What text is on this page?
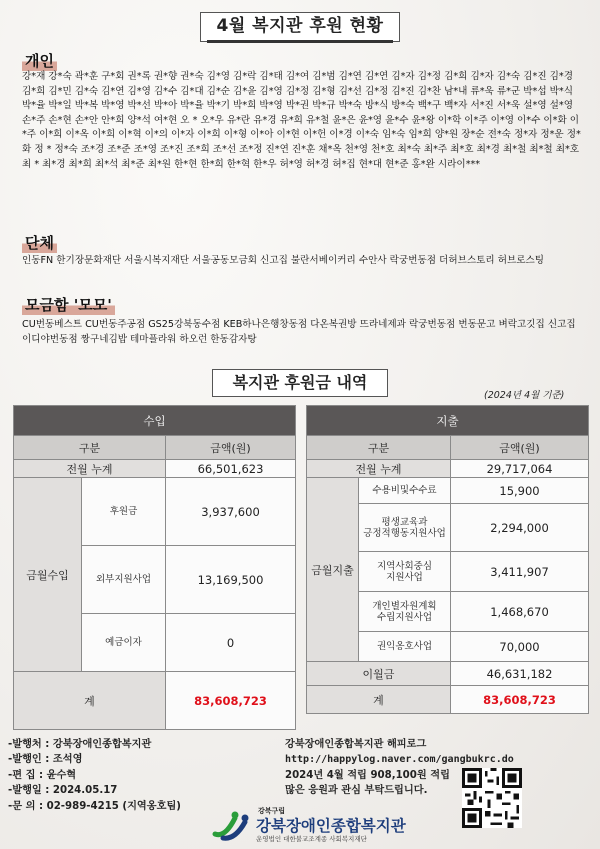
4월 복지관 후원 현황
개인
강*재 강*숙 곽*훈 구*회 권*록 권*향 권*숙 김*영 김*락 김*태 김*여 김*범 김*연 김*연 김*자 김*정 김*희 김*자 김*숙 김*진 김*경 김*희 김*민 김*숙 김*연 김*영 김*수 김*대 김*순 김*윤 김*영 김*정 김*형 김*선 김*정 김*진 김*찬 남*내 류*욱 류*군 박*섭 박*식 박*율 박*일 박*복 박*영 박*선 박*아 박*율 박*기 박*희 박*영 박*권 박*규 박*숙 방*식 방*숙 백*구 백*자 서*진 서*욱 설*영 설*영 손*주 손*현 손*안 안*희 양*석 여*현 오 * 오*우 유*란 유*경 유*희 유*철 윤*은 윤*영 윤*수 윤*왕 이*학 이*주 이*영 이*수 이*화 이*주 이*희 이*옥 이*희 이*혁 이*의 이*자 이*희 이*형 이*아 이*현 이*헌 이*경 이*숙 임*숙 임*희 양*원 장*순 전*숙 정*자 정*운 정*화 정 * 정*숙 조*경 조*준 조*영 조*진 조*희 조*선 조*정 진*연 진*훈 채*옥 천*영 천*호 최*숙 최*주 최*호 최*경 최*철 최*철 최*호 최 * 최*경 최*희 최*석 최*준 최*원 한*현 한*희 한*혁 한*우 허*영 허*경 허*집 현*대 현*준 홍*완 시라이***
단체
인동FN 한기장문화재단 서울시복지재단 서울공동모금회 신고집 불란서베이커리 수안사 락궁번동점 더허브스토리 허브로스팅
모금함 '모모'
CU번동베스트 CU번동주공점 GS25강북동수점 KEB하나은행창동점 다온복권방 뜨라네제과 락궁번동점 번동문고 벼락고깃집 신고집 이디야번동점 짱구네김밥 테마플라워 하오런 한동감자탕
복지관 후원금 내역
(2024년 4월 기준)
수입		
구분		금액(원)
전월 누계		66,501,623
금월수입	후원금	3,937,600
	외부지원사업	13,169,500
	예금이자	0
계		83,608,723
지출		
구분		금액(원)
전월 누계		29,717,064
금월지출	수용비및수수료	15,900
	평생교육과
긍정적행동지원사업	2,294,000
	지역사회중심
지원사업	3,411,907
	개인별자원계획
수립지원사업	1,468,670
	권익옹호사업	70,000
이월금		46,631,182
계		83,608,723
-발행처 : 강북장애인종합복지관
-발행인 : 조석영
-편 집 : 윤수혁
-발행일 : 2024.05.17
-문 의 : 02-989-4215 (지역옹호팀)
강북장애인종합복지관 해피로그
http://happylog.naver.com/gangbukrc.do
2024년 4월 적립 908,100원 적립
많은 응원과 관심 부탁드립니다.
강북구립
강북장애인종합복지관
운영법인 대한불교조계종 사회복지재단
